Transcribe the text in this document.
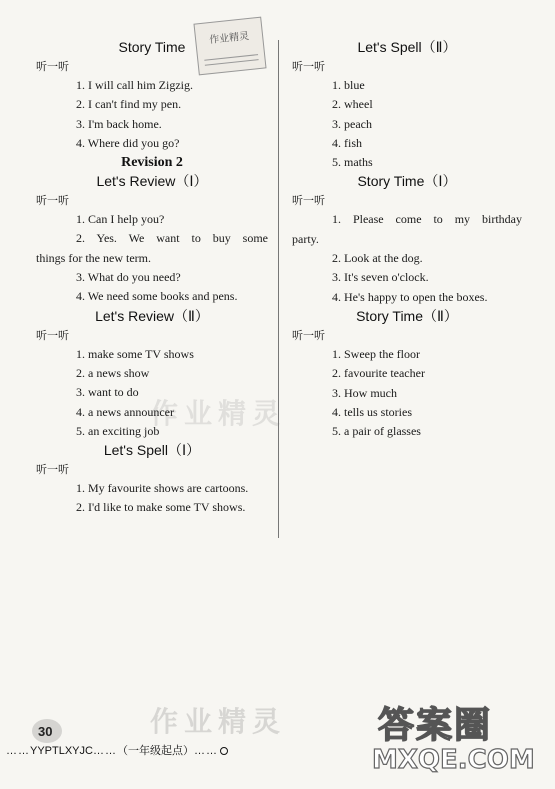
作业精灵
作业精灵
作业精灵

Story Time

听一听

1. I will call him Zigzig.

2. I can't find my pen.

3. I'm back home.

4. Where did you go?

Revision 2

Let's Review（Ⅰ）

听一听

1. Can I help you?

2. Yes. We want to buy some

things for the new term.

3. What do you need?

4. We need some books and pens.

Let's Review（Ⅱ）

听一听

1. make some TV shows

2. a news show

3. want to do

4. a news announcer

5. an exciting job

Let's Spell（Ⅰ）

听一听

1. My favourite shows are cartoons.

2. I'd like to make some TV shows.

Let's Spell（Ⅱ）

听一听

1. blue

2. wheel

3. peach

4. fish

5. maths

Story Time（Ⅰ）

听一听

1. Please come to my birthday

party.

2. Look at the dog.

3. It's seven o'clock.

4. He's happy to open the boxes.

Story Time（Ⅱ）

听一听

1. Sweep the floor

2. favourite teacher

3. How much

4. tells us stories

5. a pair of glasses

答案圈
MXQE.COM
30
……YYPTLXYJC……（一年级起点）……
